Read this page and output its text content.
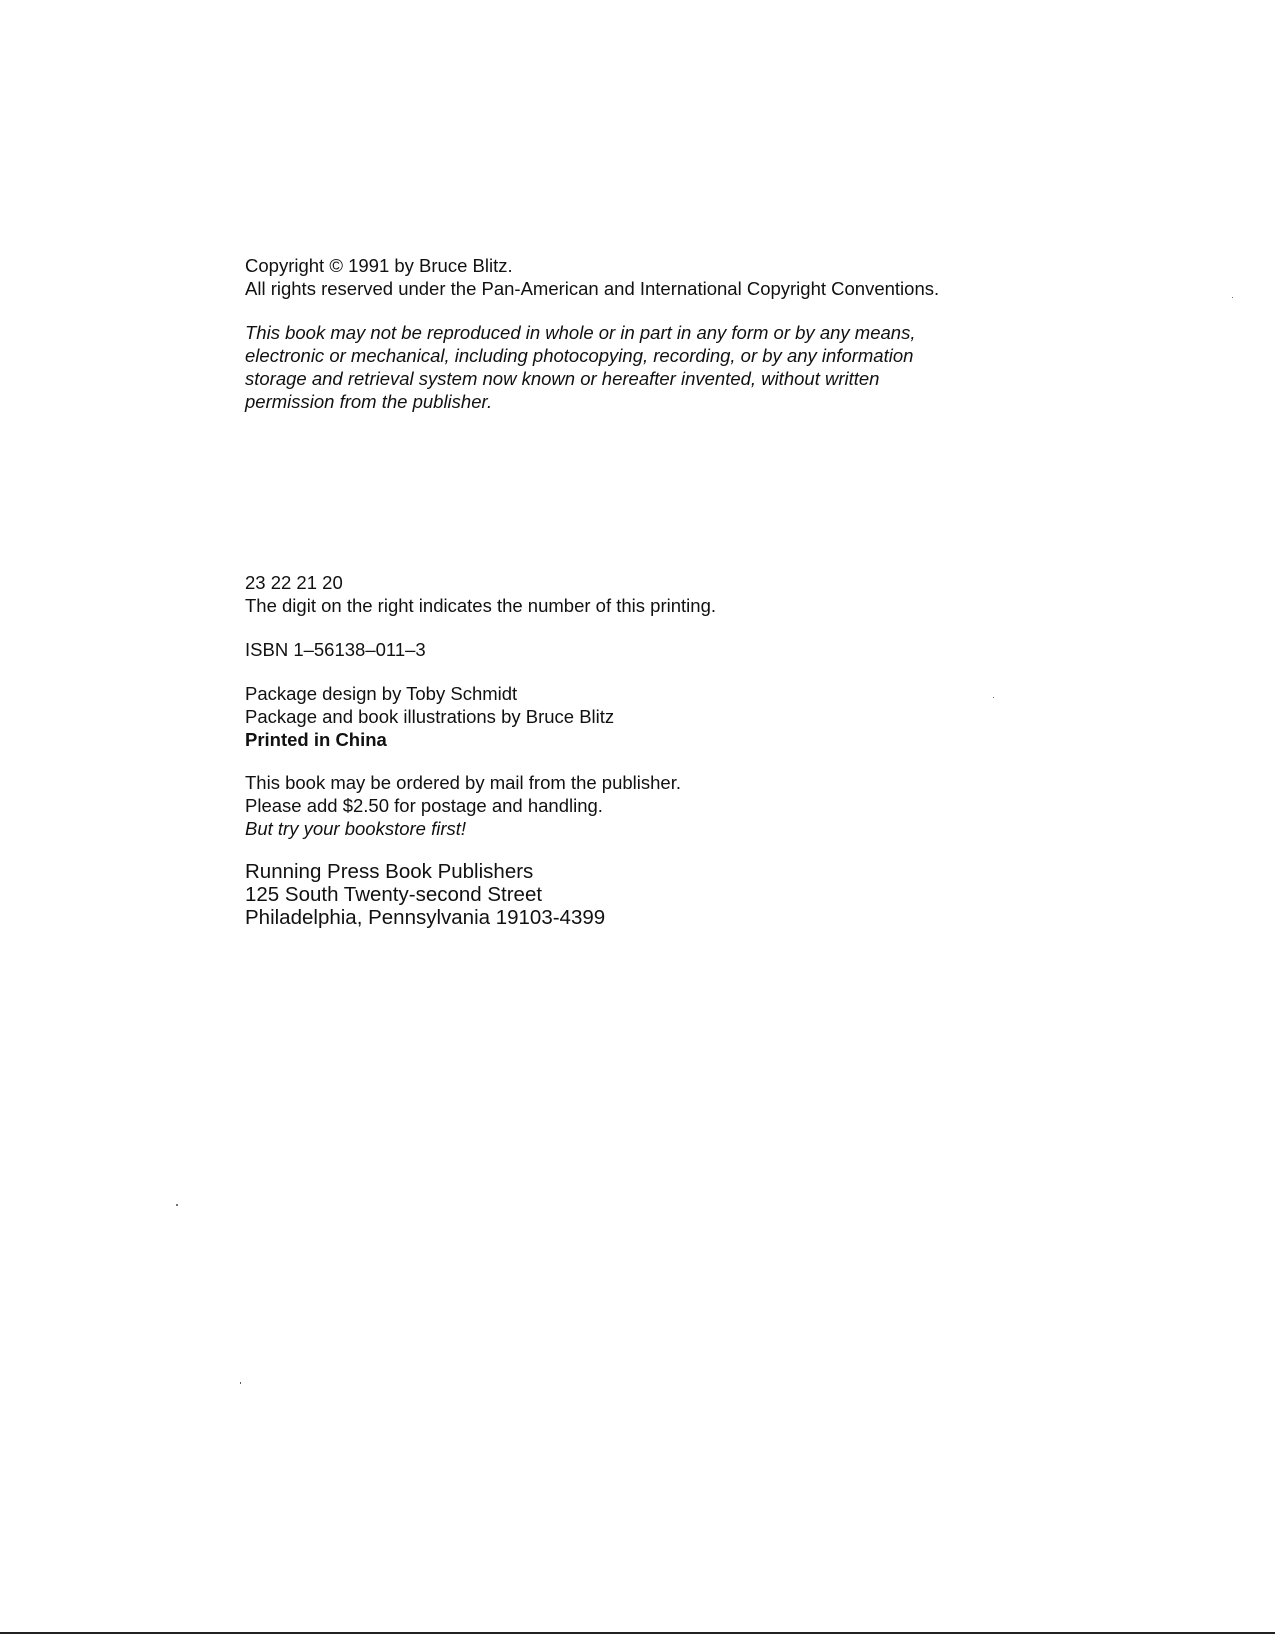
Copyright © 1991 by Bruce Blitz.
All rights reserved under the Pan-American and International Copyright Conventions.
This book may not be reproduced in whole or in part in any form or by any means,
electronic or mechanical, including photocopying, recording, or by any information
storage and retrieval system now known or hereafter invented, without written
permission from the publisher.
23 22 21 20
The digit on the right indicates the number of this printing.
ISBN 1–56138–011–3
Package design by Toby Schmidt
Package and book illustrations by Bruce Blitz
Printed in China
This book may be ordered by mail from the publisher.
Please add $2.50 for postage and handling.
But try your bookstore first!
Running Press Book Publishers
125 South Twenty-second Street
Philadelphia, Pennsylvania 19103-4399
